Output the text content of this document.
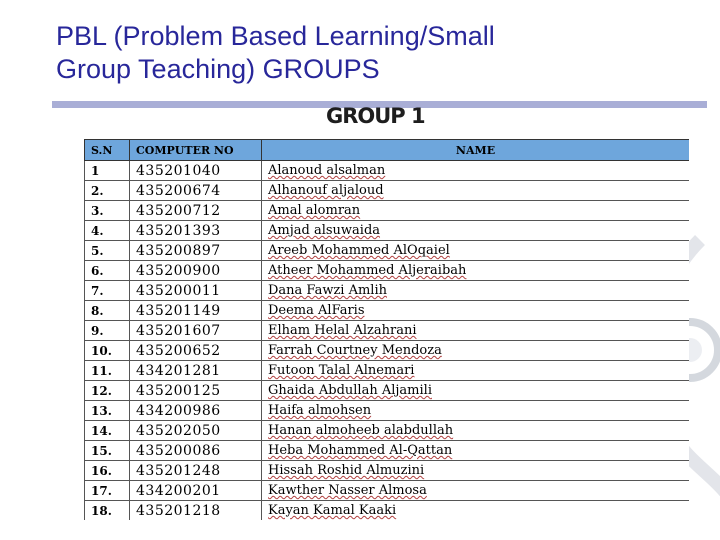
PBL (Problem Based Learning/Small
Group Teaching) GROUPS
GROUP 1
S.N	COMPUTER NO	NAME
1	435201040	Alanoud alsalman
2.	435200674	Alhanouf aljaloud
3.	435200712	Amal alomran
4.	435201393	Amjad alsuwaida
5.	435200897	Areeb Mohammed AlOqaiel
6.	435200900	Atheer Mohammed Aljeraibah
7.	435200011	Dana Fawzi Amlih
8.	435201149	Deema AlFaris
9.	435201607	Elham Helal Alzahrani
10.	435200652	Farrah Courtney Mendoza
11.	434201281	Futoon Talal Alnemari
12.	435200125	Ghaida Abdullah Aljamili
13.	434200986	Haifa almohsen
14.	435202050	Hanan almoheeb alabdullah
15.	435200086	Heba Mohammed Al-Qattan
16.	435201248	Hissah Roshid Almuzini
17.	434200201	Kawther Nasser Almosa
18.	435201218	Kayan Kamal Kaaki
